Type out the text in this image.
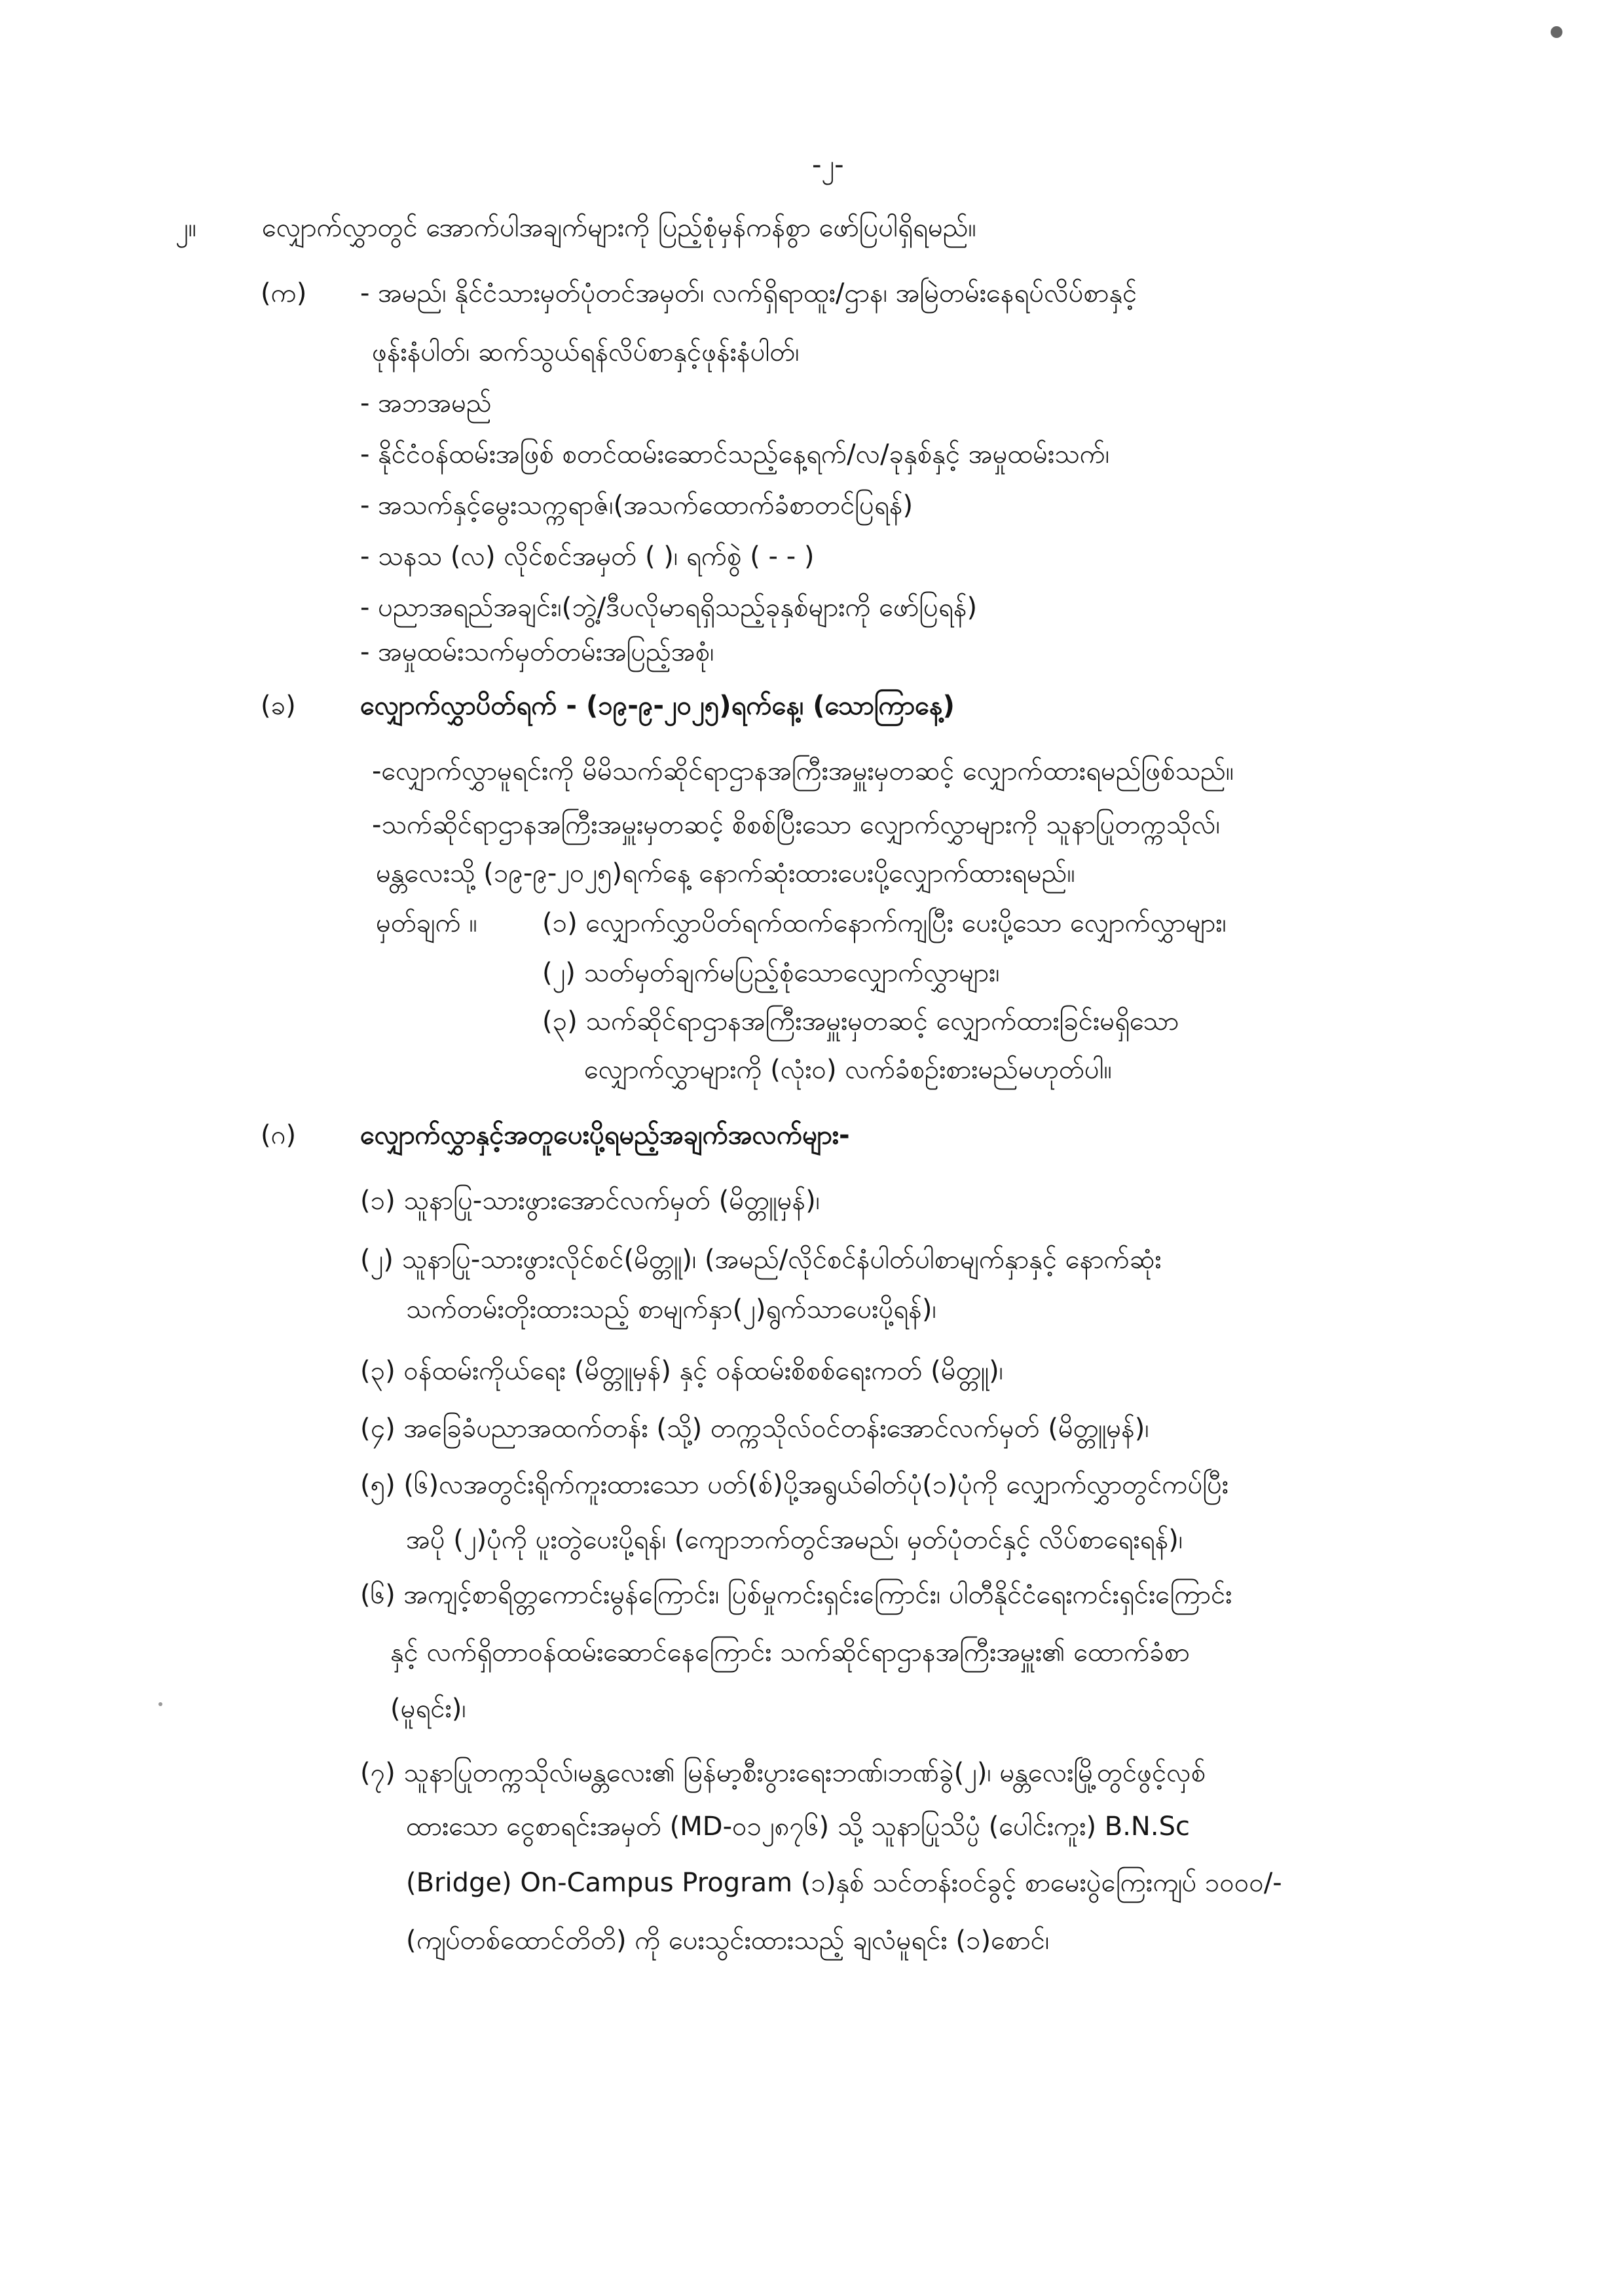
-၂-
၂။	လျှောက်လွှာတွင် အောက်ပါအချက်များကို ပြည့်စုံမှန်ကန်စွာ ဖော်ပြပါရှိရမည်။
(က) - အမည်၊ နိုင်ငံသားမှတ်ပုံတင်အမှတ်၊ လက်ရှိရာထူး/ဌာန၊ အမြဲတမ်းနေရပ်လိပ်စာနှင့်
ဖုန်းနံပါတ်၊ ဆက်သွယ်ရန်လိပ်စာနှင့်ဖုန်းနံပါတ်၊
- အဘအမည်
- နိုင်ငံဝန်ထမ်းအဖြစ် စတင်ထမ်းဆောင်သည့်နေ့ရက်/လ/ခုနှစ်နှင့် အမှုထမ်းသက်၊
- အသက်နှင့်မွေးသက္ကရာဇ်၊(အသက်ထောက်ခံစာတင်ပြရန်)
- သနသ (လ) လိုင်စင်အမှတ် ( )၊ ရက်စွဲ ( - - )
- ပညာအရည်အချင်း၊(ဘွဲ့/ဒီပလိုမာရရှိသည့်ခုနှစ်များကို ဖော်ပြရန်)
- အမှုထမ်းသက်မှတ်တမ်းအပြည့်အစုံ၊
(ခ) လျှောက်လွှာပိတ်ရက် - (၁၉-၉-၂၀၂၅)ရက်နေ့၊ (သောကြာနေ့)
-လျှောက်လွှာမူရင်းကို မိမိသက်ဆိုင်ရာဌာနအကြီးအမှူးမှတဆင့် လျှောက်ထားရမည်ဖြစ်သည်။
-သက်ဆိုင်ရာဌာနအကြီးအမှူးမှတဆင့် စိစစ်ပြီးသော လျှောက်လွှာများကို သူနာပြုတက္ကသိုလ်၊
မန္တလေးသို့ (၁၉-၉-၂၀၂၅)ရက်နေ့ နောက်ဆုံးထားပေးပို့လျှောက်ထားရမည်။
မှတ်ချက် ။ (၁) လျှောက်လွှာပိတ်ရက်ထက်နောက်ကျပြီး ပေးပို့သော လျှောက်လွှာများ၊
(၂) သတ်မှတ်ချက်မပြည့်စုံသောလျှောက်လွှာများ၊
(၃) သက်ဆိုင်ရာဌာနအကြီးအမှူးမှတဆင့် လျှောက်ထားခြင်းမရှိသော
လျှောက်လွှာများကို (လုံး၀) လက်ခံစဉ်းစားမည်မဟုတ်ပါ။
(ဂ) လျှောက်လွှာနှင့်အတူပေးပို့ရမည့်အချက်အလက်များ-
(၁) သူနာပြု-သားဖွားအောင်လက်မှတ် (မိတ္တူမှန်)၊
(၂) သူနာပြု-သားဖွားလိုင်စင်(မိတ္တူ)၊ (အမည်/လိုင်စင်နံပါတ်ပါစာမျက်နှာနှင့် နောက်ဆုံး
သက်တမ်းတိုးထားသည့် စာမျက်နှာ(၂)ရွက်သာပေးပို့ရန်)၊
(၃) ဝန်ထမ်းကိုယ်ရေး (မိတ္တူမှန်) နှင့် ဝန်ထမ်းစိစစ်ရေးကတ် (မိတ္တူ)၊
(၄) အခြေခံပညာအထက်တန်း (သို့) တက္ကသိုလ်ဝင်တန်းအောင်လက်မှတ် (မိတ္တူမှန်)၊
(၅) (၆)လအတွင်းရိုက်ကူးထားသော ပတ်(စ်)ပို့အရွယ်ဓါတ်ပုံ(၁)ပုံကို လျှောက်လွှာတွင်ကပ်ပြီး
အပို (၂)ပုံကို ပူးတွဲပေးပို့ရန်၊ (ကျောဘက်တွင်အမည်၊ မှတ်ပုံတင်နှင့် လိပ်စာရေးရန်)၊
(၆) အကျင့်စာရိတ္တကောင်းမွန်ကြောင်း၊ ပြစ်မှုကင်းရှင်းကြောင်း၊ ပါတီနိုင်ငံရေးကင်းရှင်းကြောင်း
နှင့် လက်ရှိတာဝန်ထမ်းဆောင်နေကြောင်း သက်ဆိုင်ရာဌာနအကြီးအမှူး၏ ထောက်ခံစာ
(မူရင်း)၊
(၇) သူနာပြုတက္ကသိုလ်၊မန္တလေး၏ မြန်မာ့စီးပွားရေးဘဏ်၊ဘဏ်ခွဲ(၂)၊ မန္တလေးမြို့တွင်ဖွင့်လှစ်
ထားသော ငွေစာရင်းအမှတ် (MD-၀၁၂၈၇၆) သို့ သူနာပြုသိပ္ပံ (ပေါင်းကူး) B.N.Sc
(Bridge) On-Campus Program (၁)နှစ် သင်တန်းဝင်ခွင့် စာမေးပွဲကြေးကျပ် ၁၀၀၀/-
(ကျပ်တစ်ထောင်တိတိ) ကို ပေးသွင်းထားသည့် ချလံမူရင်း (၁)စောင်၊
